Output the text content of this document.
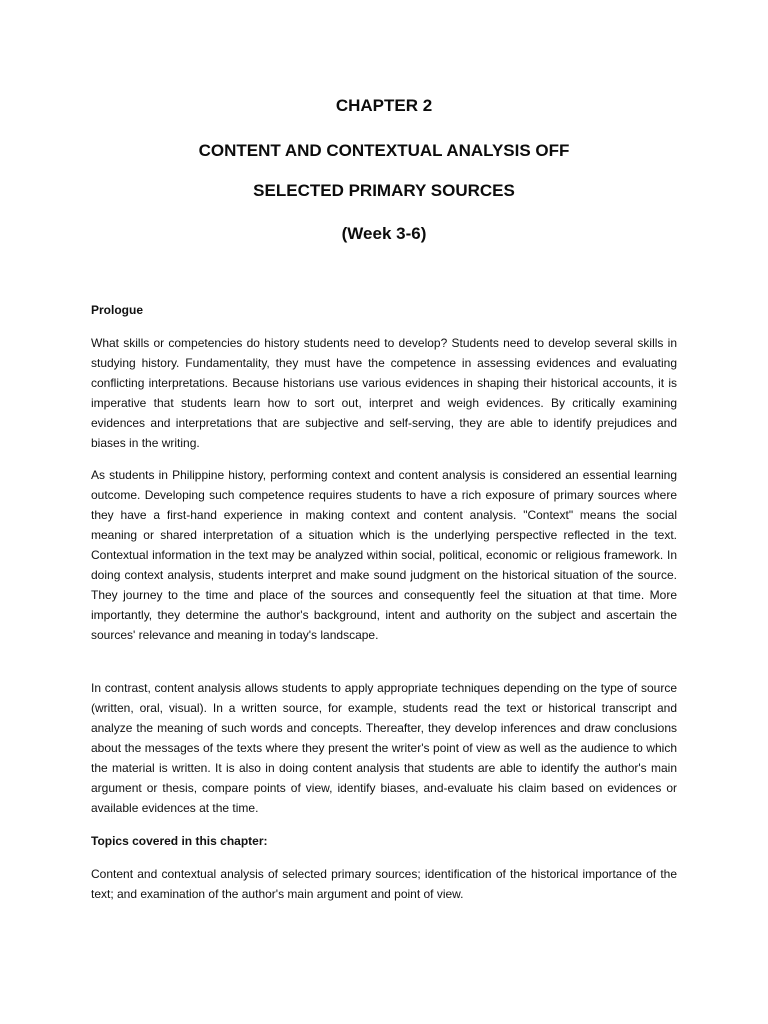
CHAPTER 2
CONTENT AND CONTEXTUAL ANALYSIS OFF
SELECTED PRIMARY SOURCES
(Week 3-6)
Prologue

What skills or competencies do history students need to develop? Students need to develop several skills in studying history. Fundamentality, they must have the competence in assessing evidences and evaluating conflicting interpretations. Because historians use various evidences in shaping their historical accounts, it is imperative that students learn how to sort out, interpret and weigh evidences. By critically examining evidences and interpretations that are subjective and self-serving, they are able to identify prejudices and biases in the writing.

As students in Philippine history, performing context and content analysis is considered an essential learning outcome. Developing such competence requires students to have a rich exposure of primary sources where they have a first-hand experience in making context and content analysis. "Context" means the social meaning or shared interpretation of a situation which is the underlying perspective reflected in the text. Contextual information in the text may be analyzed within social, political, economic or religious framework. In doing context analysis, students interpret and make sound judgment on the historical situation of the source. They journey to the time and place of the sources and consequently feel the situation at that time. More importantly, they determine the author's background, intent and authority on the subject and ascertain the sources' relevance and meaning in today's landscape.

In contrast, content analysis allows students to apply appropriate techniques depending on the type of source (written, oral, visual). In a written source, for example, students read the text or historical transcript and analyze the meaning of such words and concepts. Thereafter, they develop inferences and draw conclusions about the messages of the texts where they present the writer's point of view as well as the audience to which the material is written. It is also in doing content analysis that students are able to identify the author's main argument or thesis, compare points of view, identify biases, and-evaluate his claim based on evidences or available evidences at the time.

Topics covered in this chapter:

Content and contextual analysis of selected primary sources; identification of the historical importance of the text; and examination of the author's main argument and point of view.
